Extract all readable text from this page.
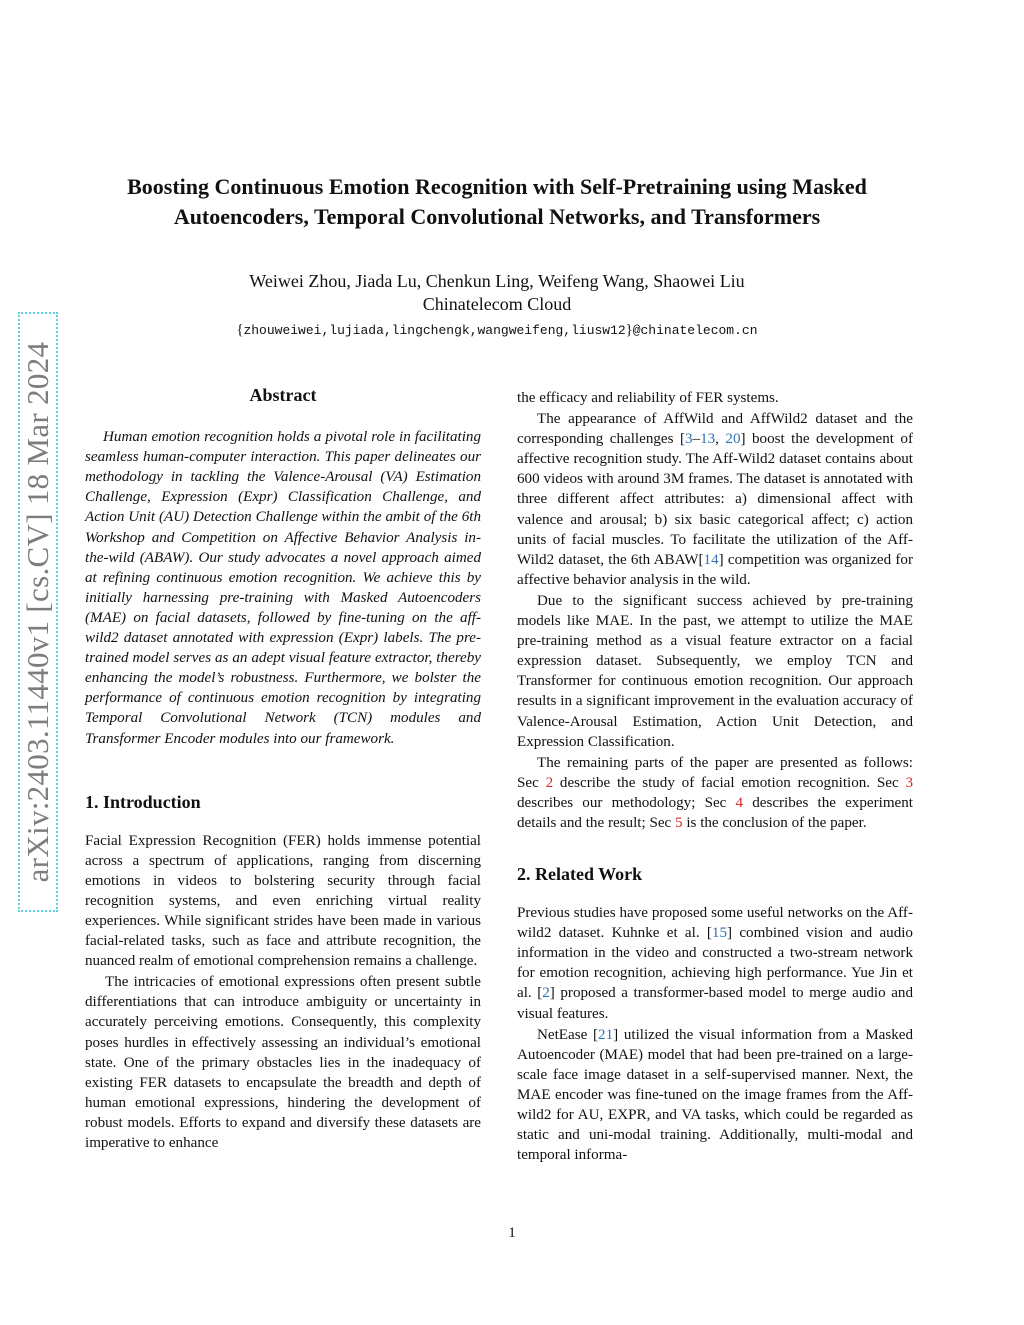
arXiv:2403.11440v1 [cs.CV] 18 Mar 2024
Boosting Continuous Emotion Recognition with Self-Pretraining using Masked
Autoencoders, Temporal Convolutional Networks, and Transformers
Weiwei Zhou, Jiada Lu, Chenkun Ling, Weifeng Wang, Shaowei Liu
Chinatelecom Cloud
{zhouweiwei,lujiada,lingchengk,wangweifeng,liusw12}@chinatelecom.cn
Abstract

Human emotion recognition holds a pivotal role in facilitating seamless human-computer interaction. This paper delineates our methodology in tackling the Valence-Arousal (VA) Estimation Challenge, Expression (Expr) Classification Challenge, and Action Unit (AU) Detection Challenge within the ambit of the 6th Workshop and Competition on Affective Behavior Analysis in-the-wild (ABAW). Our study advocates a novel approach aimed at refining continuous emotion recognition. We achieve this by initially harnessing pre-training with Masked Autoencoders (MAE) on facial datasets, followed by fine-tuning on the aff-wild2 dataset annotated with expression (Expr) labels. The pre-trained model serves as an adept visual feature extractor, thereby enhancing the model’s robustness. Furthermore, we bolster the performance of continuous emotion recognition by integrating Temporal Convolutional Network (TCN) modules and Transformer Encoder modules into our framework.

1. Introduction

Facial Expression Recognition (FER) holds immense potential across a spectrum of applications, ranging from discerning emotions in videos to bolstering security through facial recognition systems, and even enriching virtual reality experiences. While significant strides have been made in various facial-related tasks, such as face and attribute recognition, the nuanced realm of emotional comprehension remains a challenge.

The intricacies of emotional expressions often present subtle differentiations that can introduce ambiguity or uncertainty in accurately perceiving emotions. Consequently, this complexity poses hurdles in effectively assessing an individual’s emotional state. One of the primary obstacles lies in the inadequacy of existing FER datasets to encapsulate the breadth and depth of human emotional expressions, hindering the development of robust models. Efforts to expand and diversify these datasets are imperative to enhance

the efficacy and reliability of FER systems.

The appearance of AffWild and AffWild2 dataset and the corresponding challenges [3–13, 20] boost the development of affective recognition study. The Aff-Wild2 dataset contains about 600 videos with around 3M frames. The dataset is annotated with three different affect attributes: a) dimensional affect with valence and arousal; b) six basic categorical affect; c) action units of facial muscles. To facilitate the utilization of the Aff-Wild2 dataset, the 6th ABAW[14] competition was organized for affective behavior analysis in the wild.

Due to the significant success achieved by pre-training models like MAE. In the past, we attempt to utilize the MAE pre-training method as a visual feature extractor on a facial expression dataset. Subsequently, we employ TCN and Transformer for continuous emotion recognition. Our approach results in a significant improvement in the evaluation accuracy of Valence-Arousal Estimation, Action Unit Detection, and Expression Classification.

The remaining parts of the paper are presented as follows: Sec 2 describe the study of facial emotion recognition. Sec 3 describes our methodology; Sec 4 describes the experiment details and the result; Sec 5 is the conclusion of the paper.

2. Related Work

Previous studies have proposed some useful networks on the Aff-wild2 dataset. Kuhnke et al. [15] combined vision and audio information in the video and constructed a two-stream network for emotion recognition, achieving high performance. Yue Jin et al. [2] proposed a transformer-based model to merge audio and visual features.

NetEase [21] utilized the visual information from a Masked Autoencoder (MAE) model that had been pre-trained on a large-scale face image dataset in a self-supervised manner. Next, the MAE encoder was fine-tuned on the image frames from the Aff-wild2 for AU, EXPR, and VA tasks, which could be regarded as static and uni-modal training. Additionally, multi-modal and temporal informa-

1
